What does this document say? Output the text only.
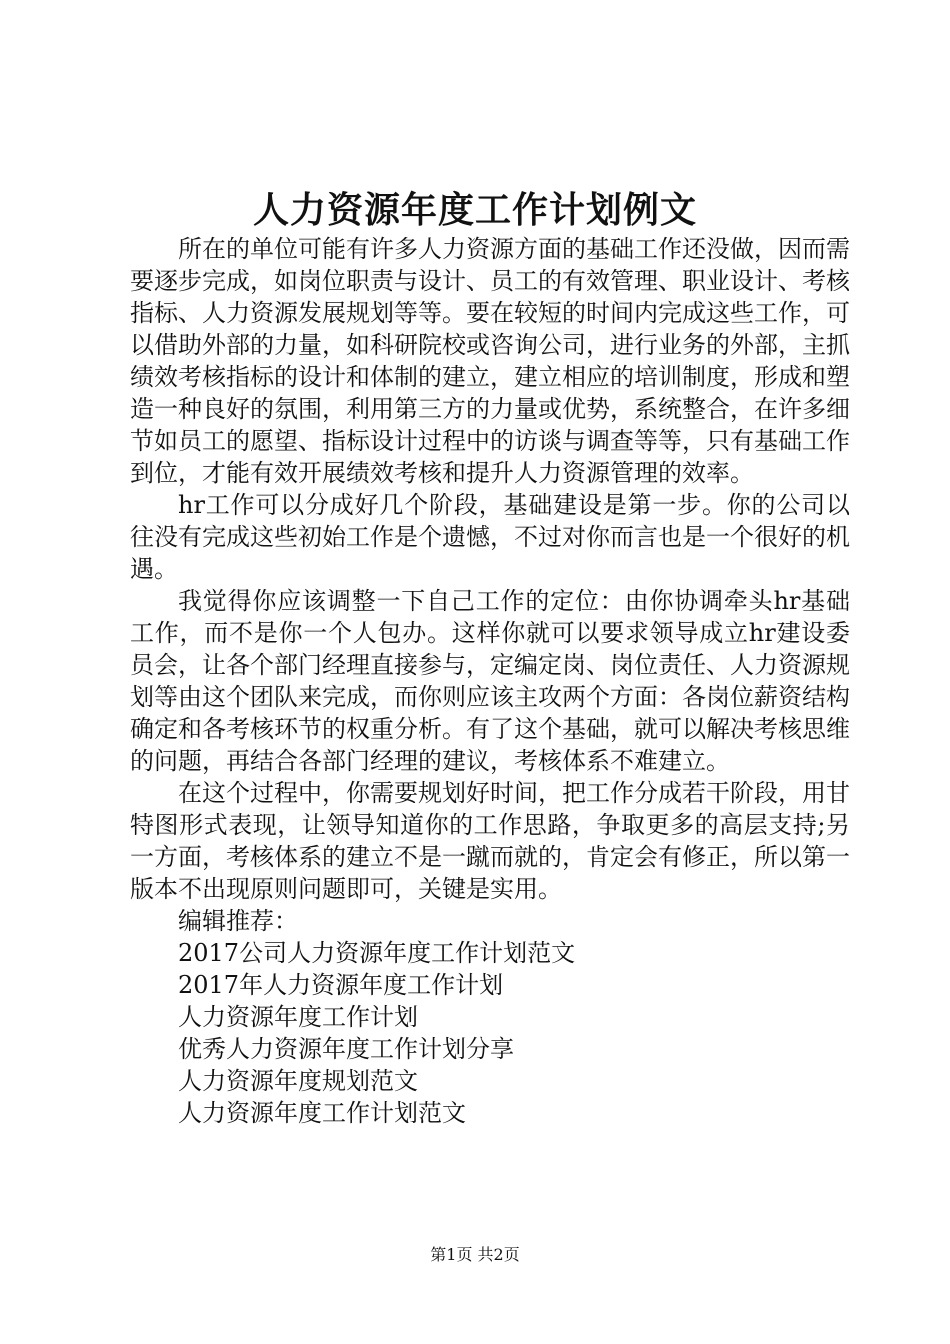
人力资源年度工作计划例文

所在的单位可能有许多人力资源方面的基础工作还没做，因而需要逐步完成，如岗位职责与设计、员工的有效管理、职业设计、考核指标、人力资源发展规划等等。要在较短的时间内完成这些工作，可以借助外部的力量，如科研院校或咨询公司，进行业务的外部，主抓绩效考核指标的设计和体制的建立，建立相应的培训制度，形成和塑造一种良好的氛围，利用第三方的力量或优势，系统整合，在许多细节如员工的愿望、指标设计过程中的访谈与调查等等，只有基础工作到位，才能有效开展绩效考核和提升人力资源管理的效率。

hr工作可以分成好几个阶段，基础建设是第一步。你的公司以往没有完成这些初始工作是个遗憾，不过对你而言也是一个很好的机遇。

我觉得你应该调整一下自己工作的定位：由你协调牵头hr基础工作，而不是你一个人包办。这样你就可以要求领导成立hr建设委员会，让各个部门经理直接参与，定编定岗、岗位责任、人力资源规划等由这个团队来完成，而你则应该主攻两个方面：各岗位薪资结构确定和各考核环节的权重分析。有了这个基础，就可以解决考核思维的问题，再结合各部门经理的建议，考核体系不难建立。

在这个过程中，你需要规划好时间，把工作分成若干阶段，用甘特图形式表现，让领导知道你的工作思路，争取更多的高层支持;另一方面，考核体系的建立不是一蹴而就的，肯定会有修正，所以第一版本不出现原则问题即可，关键是实用。

编辑推荐：

2017公司人力资源年度工作计划范文
2017年人力资源年度工作计划
人力资源年度工作计划
优秀人力资源年度工作计划分享
人力资源年度规划范文
人力资源年度工作计划范文
第1页 共2页
